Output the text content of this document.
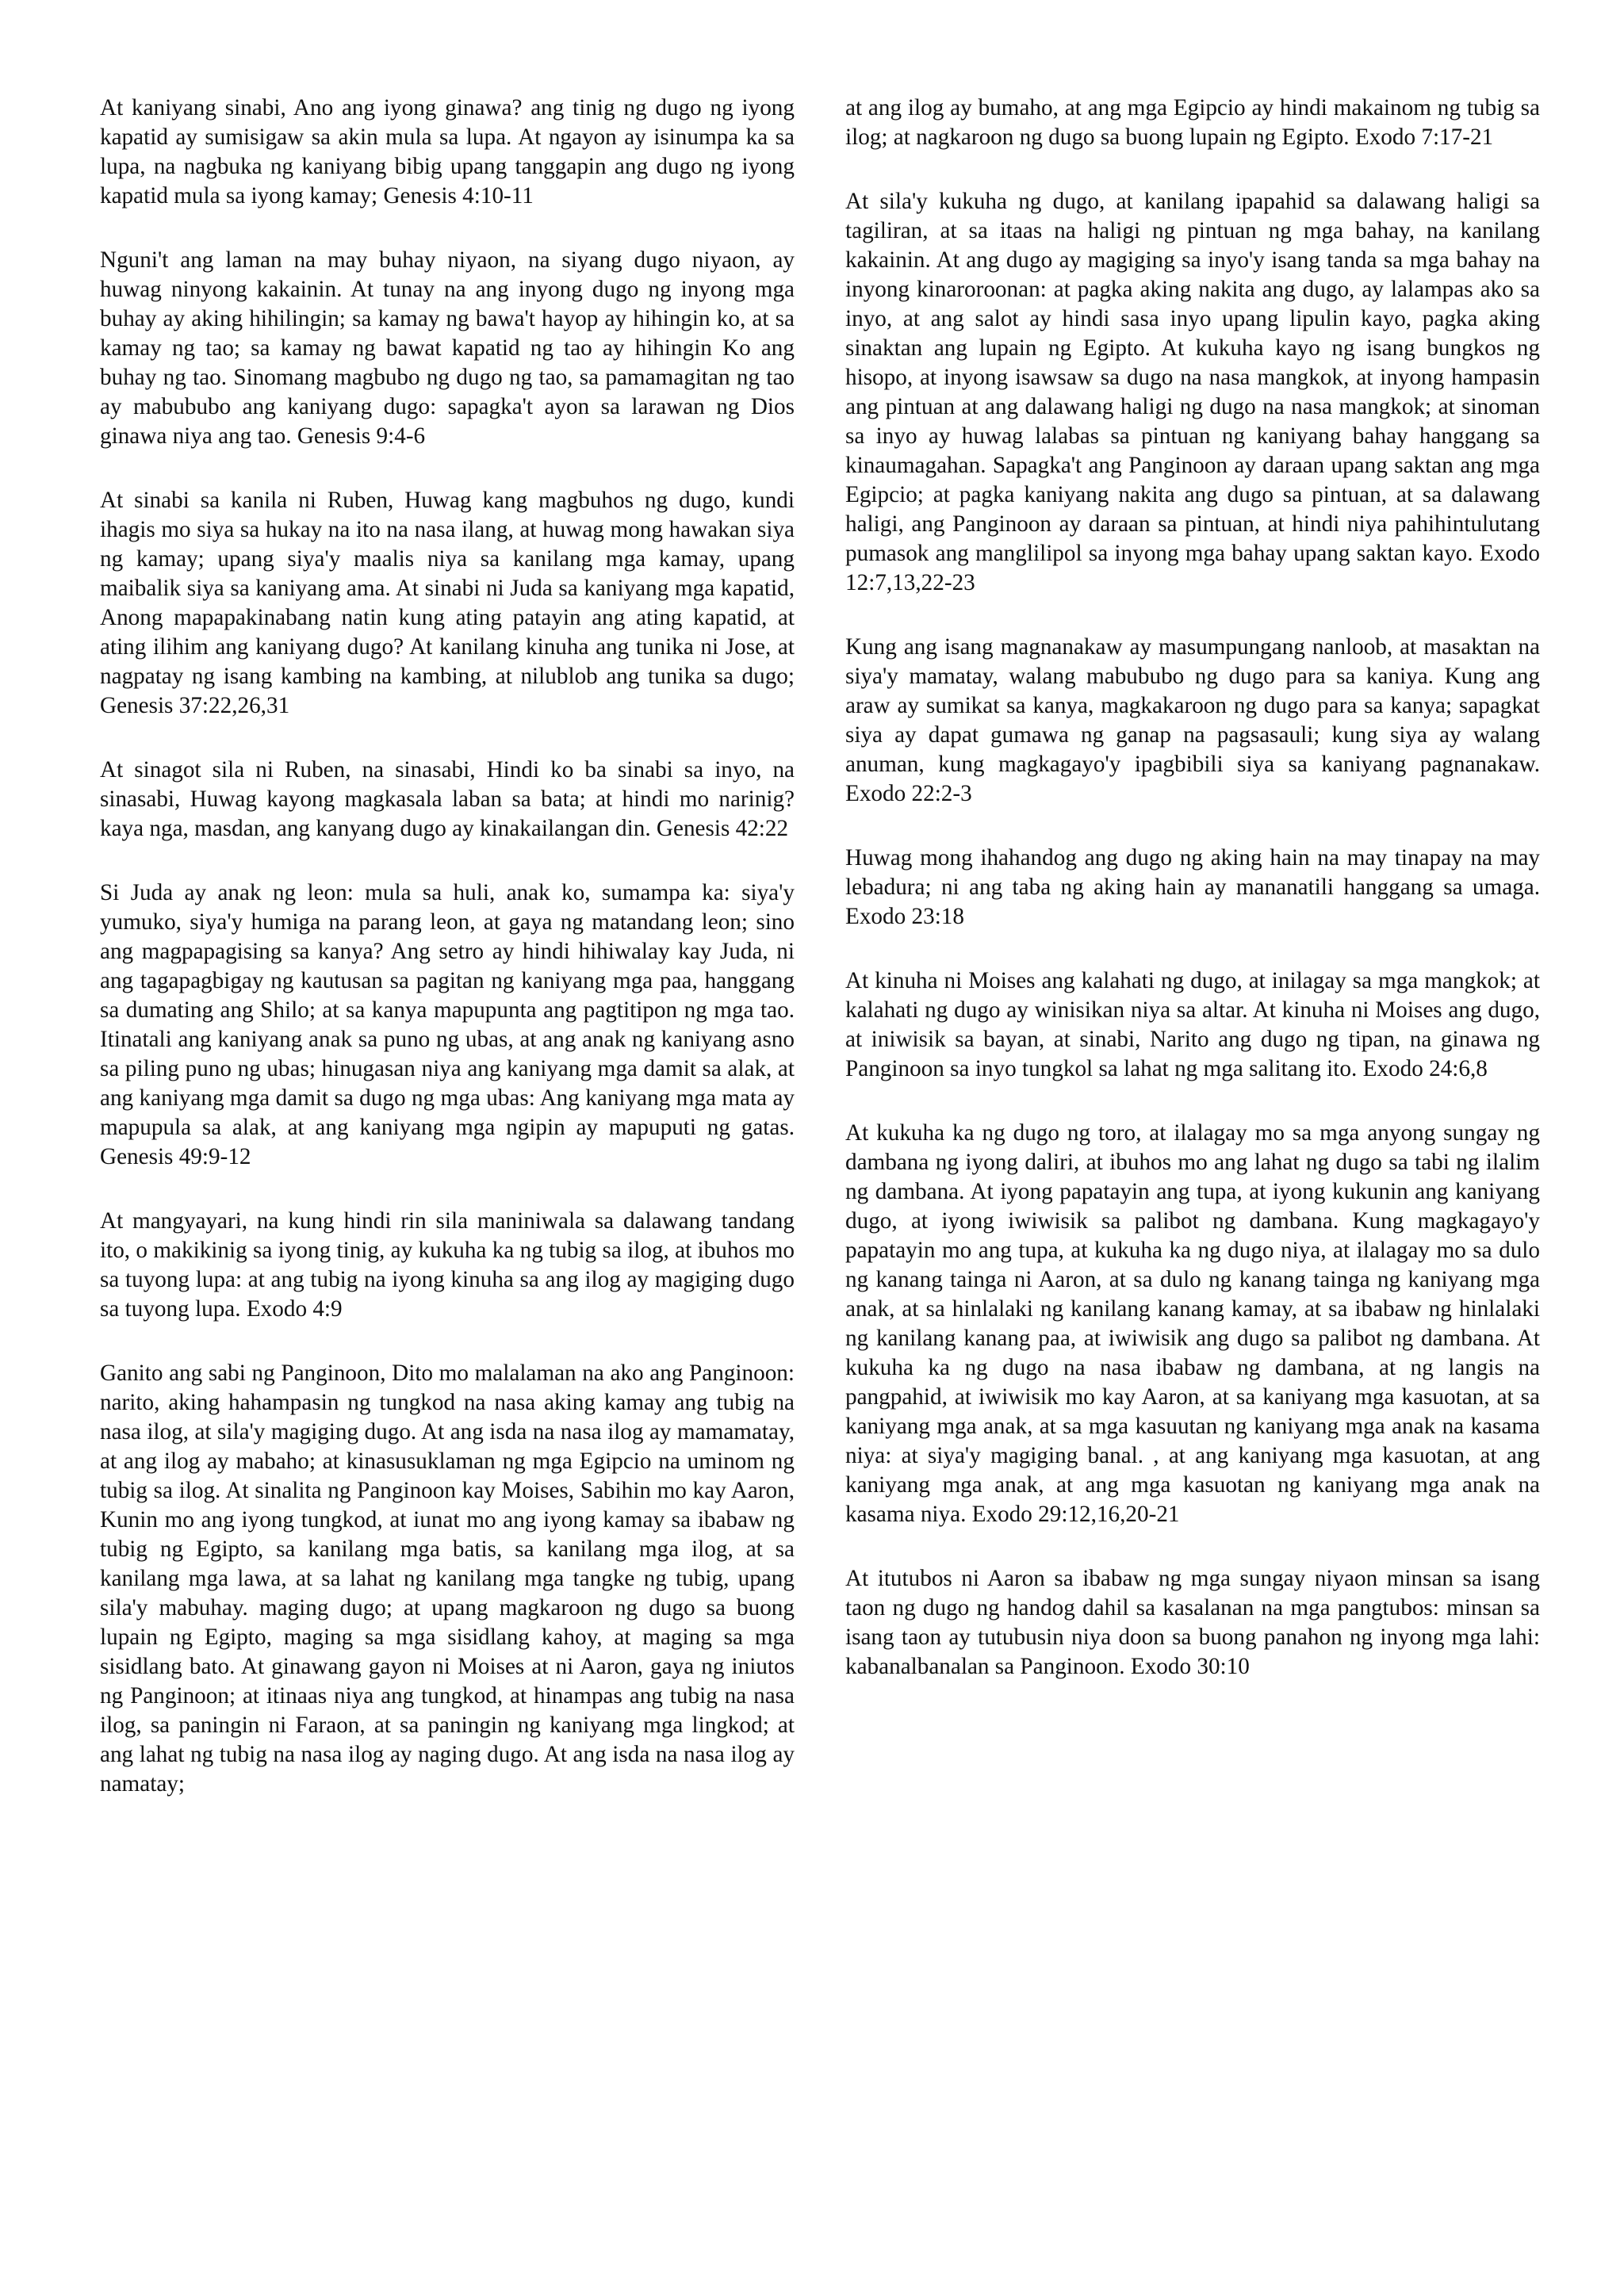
At kaniyang sinabi, Ano ang iyong ginawa? ang tinig ng dugo ng iyong kapatid ay sumisigaw sa akin mula sa lupa. At ngayon ay isinumpa ka sa lupa, na nagbuka ng kaniyang bibig upang tanggapin ang dugo ng iyong kapatid mula sa iyong kamay; Genesis 4:10-11

Nguni't ang laman na may buhay niyaon, na siyang dugo niyaon, ay huwag ninyong kakainin. At tunay na ang inyong dugo ng inyong mga buhay ay aking hihilingin; sa kamay ng bawa't hayop ay hihingin ko, at sa kamay ng tao; sa kamay ng bawat kapatid ng tao ay hihingin Ko ang buhay ng tao. Sinomang magbubo ng dugo ng tao, sa pamamagitan ng tao ay mabububo ang kaniyang dugo: sapagka't ayon sa larawan ng Dios ginawa niya ang tao. Genesis 9:4-6

At sinabi sa kanila ni Ruben, Huwag kang magbuhos ng dugo, kundi ihagis mo siya sa hukay na ito na nasa ilang, at huwag mong hawakan siya ng kamay; upang siya'y maalis niya sa kanilang mga kamay, upang maibalik siya sa kaniyang ama. At sinabi ni Juda sa kaniyang mga kapatid, Anong mapapakinabang natin kung ating patayin ang ating kapatid, at ating ilihim ang kaniyang dugo? At kanilang kinuha ang tunika ni Jose, at nagpatay ng isang kambing na kambing, at nilublob ang tunika sa dugo; Genesis 37:22,26,31

At sinagot sila ni Ruben, na sinasabi, Hindi ko ba sinabi sa inyo, na sinasabi, Huwag kayong magkasala laban sa bata; at hindi mo narinig? kaya nga, masdan, ang kanyang dugo ay kinakailangan din. Genesis 42:22

Si Juda ay anak ng leon: mula sa huli, anak ko, sumampa ka: siya'y yumuko, siya'y humiga na parang leon, at gaya ng matandang leon; sino ang magpapagising sa kanya? Ang setro ay hindi hihiwalay kay Juda, ni ang tagapagbigay ng kautusan sa pagitan ng kaniyang mga paa, hanggang sa dumating ang Shilo; at sa kanya mapupunta ang pagtitipon ng mga tao. Itinatali ang kaniyang anak sa puno ng ubas, at ang anak ng kaniyang asno sa piling puno ng ubas; hinugasan niya ang kaniyang mga damit sa alak, at ang kaniyang mga damit sa dugo ng mga ubas: Ang kaniyang mga mata ay mapupula sa alak, at ang kaniyang mga ngipin ay mapuputi ng gatas. Genesis 49:9-12

At mangyayari, na kung hindi rin sila maniniwala sa dalawang tandang ito, o makikinig sa iyong tinig, ay kukuha ka ng tubig sa ilog, at ibuhos mo sa tuyong lupa: at ang tubig na iyong kinuha sa ang ilog ay magiging dugo sa tuyong lupa. Exodo 4:9

Ganito ang sabi ng Panginoon, Dito mo malalaman na ako ang Panginoon: narito, aking hahampasin ng tungkod na nasa aking kamay ang tubig na nasa ilog, at sila'y magiging dugo. At ang isda na nasa ilog ay mamamatay, at ang ilog ay mabaho; at kinasusuklaman ng mga Egipcio na uminom ng tubig sa ilog. At sinalita ng Panginoon kay Moises, Sabihin mo kay Aaron, Kunin mo ang iyong tungkod, at iunat mo ang iyong kamay sa ibabaw ng tubig ng Egipto, sa kanilang mga batis, sa kanilang mga ilog, at sa kanilang mga lawa, at sa lahat ng kanilang mga tangke ng tubig, upang sila'y mabuhay. maging dugo; at upang magkaroon ng dugo sa buong lupain ng Egipto, maging sa mga sisidlang kahoy, at maging sa mga sisidlang bato. At ginawang gayon ni Moises at ni Aaron, gaya ng iniutos ng Panginoon; at itinaas niya ang tungkod, at hinampas ang tubig na nasa ilog, sa paningin ni Faraon, at sa paningin ng kaniyang mga lingkod; at ang lahat ng tubig na nasa ilog ay naging dugo. At ang isda na nasa ilog ay namatay;

at ang ilog ay bumaho, at ang mga Egipcio ay hindi makainom ng tubig sa ilog; at nagkaroon ng dugo sa buong lupain ng Egipto. Exodo 7:17-21

At sila'y kukuha ng dugo, at kanilang ipapahid sa dalawang haligi sa tagiliran, at sa itaas na haligi ng pintuan ng mga bahay, na kanilang kakainin. At ang dugo ay magiging sa inyo'y isang tanda sa mga bahay na inyong kinaroroonan: at pagka aking nakita ang dugo, ay lalampas ako sa inyo, at ang salot ay hindi sasa inyo upang lipulin kayo, pagka aking sinaktan ang lupain ng Egipto. At kukuha kayo ng isang bungkos ng hisopo, at inyong isawsaw sa dugo na nasa mangkok, at inyong hampasin ang pintuan at ang dalawang haligi ng dugo na nasa mangkok; at sinoman sa inyo ay huwag lalabas sa pintuan ng kaniyang bahay hanggang sa kinaumagahan. Sapagka't ang Panginoon ay daraan upang saktan ang mga Egipcio; at pagka kaniyang nakita ang dugo sa pintuan, at sa dalawang haligi, ang Panginoon ay daraan sa pintuan, at hindi niya pahihintulutang pumasok ang manglilipol sa inyong mga bahay upang saktan kayo. Exodo 12:7,13,22-23

Kung ang isang magnanakaw ay masumpungang nanloob, at masaktan na siya'y mamatay, walang mabububo ng dugo para sa kaniya. Kung ang araw ay sumikat sa kanya, magkakaroon ng dugo para sa kanya; sapagkat siya ay dapat gumawa ng ganap na pagsasauli; kung siya ay walang anuman, kung magkagayo'y ipagbibili siya sa kaniyang pagnanakaw. Exodo 22:2-3

Huwag mong ihahandog ang dugo ng aking hain na may tinapay na may lebadura; ni ang taba ng aking hain ay mananatili hanggang sa umaga. Exodo 23:18

At kinuha ni Moises ang kalahati ng dugo, at inilagay sa mga mangkok; at kalahati ng dugo ay winisikan niya sa altar. At kinuha ni Moises ang dugo, at iniwisik sa bayan, at sinabi, Narito ang dugo ng tipan, na ginawa ng Panginoon sa inyo tungkol sa lahat ng mga salitang ito. Exodo 24:6,8

At kukuha ka ng dugo ng toro, at ilalagay mo sa mga anyong sungay ng dambana ng iyong daliri, at ibuhos mo ang lahat ng dugo sa tabi ng ilalim ng dambana. At iyong papatayin ang tupa, at iyong kukunin ang kaniyang dugo, at iyong iwiwisik sa palibot ng dambana. Kung magkagayo'y papatayin mo ang tupa, at kukuha ka ng dugo niya, at ilalagay mo sa dulo ng kanang tainga ni Aaron, at sa dulo ng kanang tainga ng kaniyang mga anak, at sa hinlalaki ng kanilang kanang kamay, at sa ibabaw ng hinlalaki ng kanilang kanang paa, at iwiwisik ang dugo sa palibot ng dambana. At kukuha ka ng dugo na nasa ibabaw ng dambana, at ng langis na pangpahid, at iwiwisik mo kay Aaron, at sa kaniyang mga kasuotan, at sa kaniyang mga anak, at sa mga kasuutan ng kaniyang mga anak na kasama niya: at siya'y magiging banal. , at ang kaniyang mga kasuotan, at ang kaniyang mga anak, at ang mga kasuotan ng kaniyang mga anak na kasama niya. Exodo 29:12,16,20-21

At itutubos ni Aaron sa ibabaw ng mga sungay niyaon minsan sa isang taon ng dugo ng handog dahil sa kasalanan na mga pangtubos: minsan sa isang taon ay tutubusin niya doon sa buong panahon ng inyong mga lahi: kabanalbanalan sa Panginoon. Exodo 30:10
